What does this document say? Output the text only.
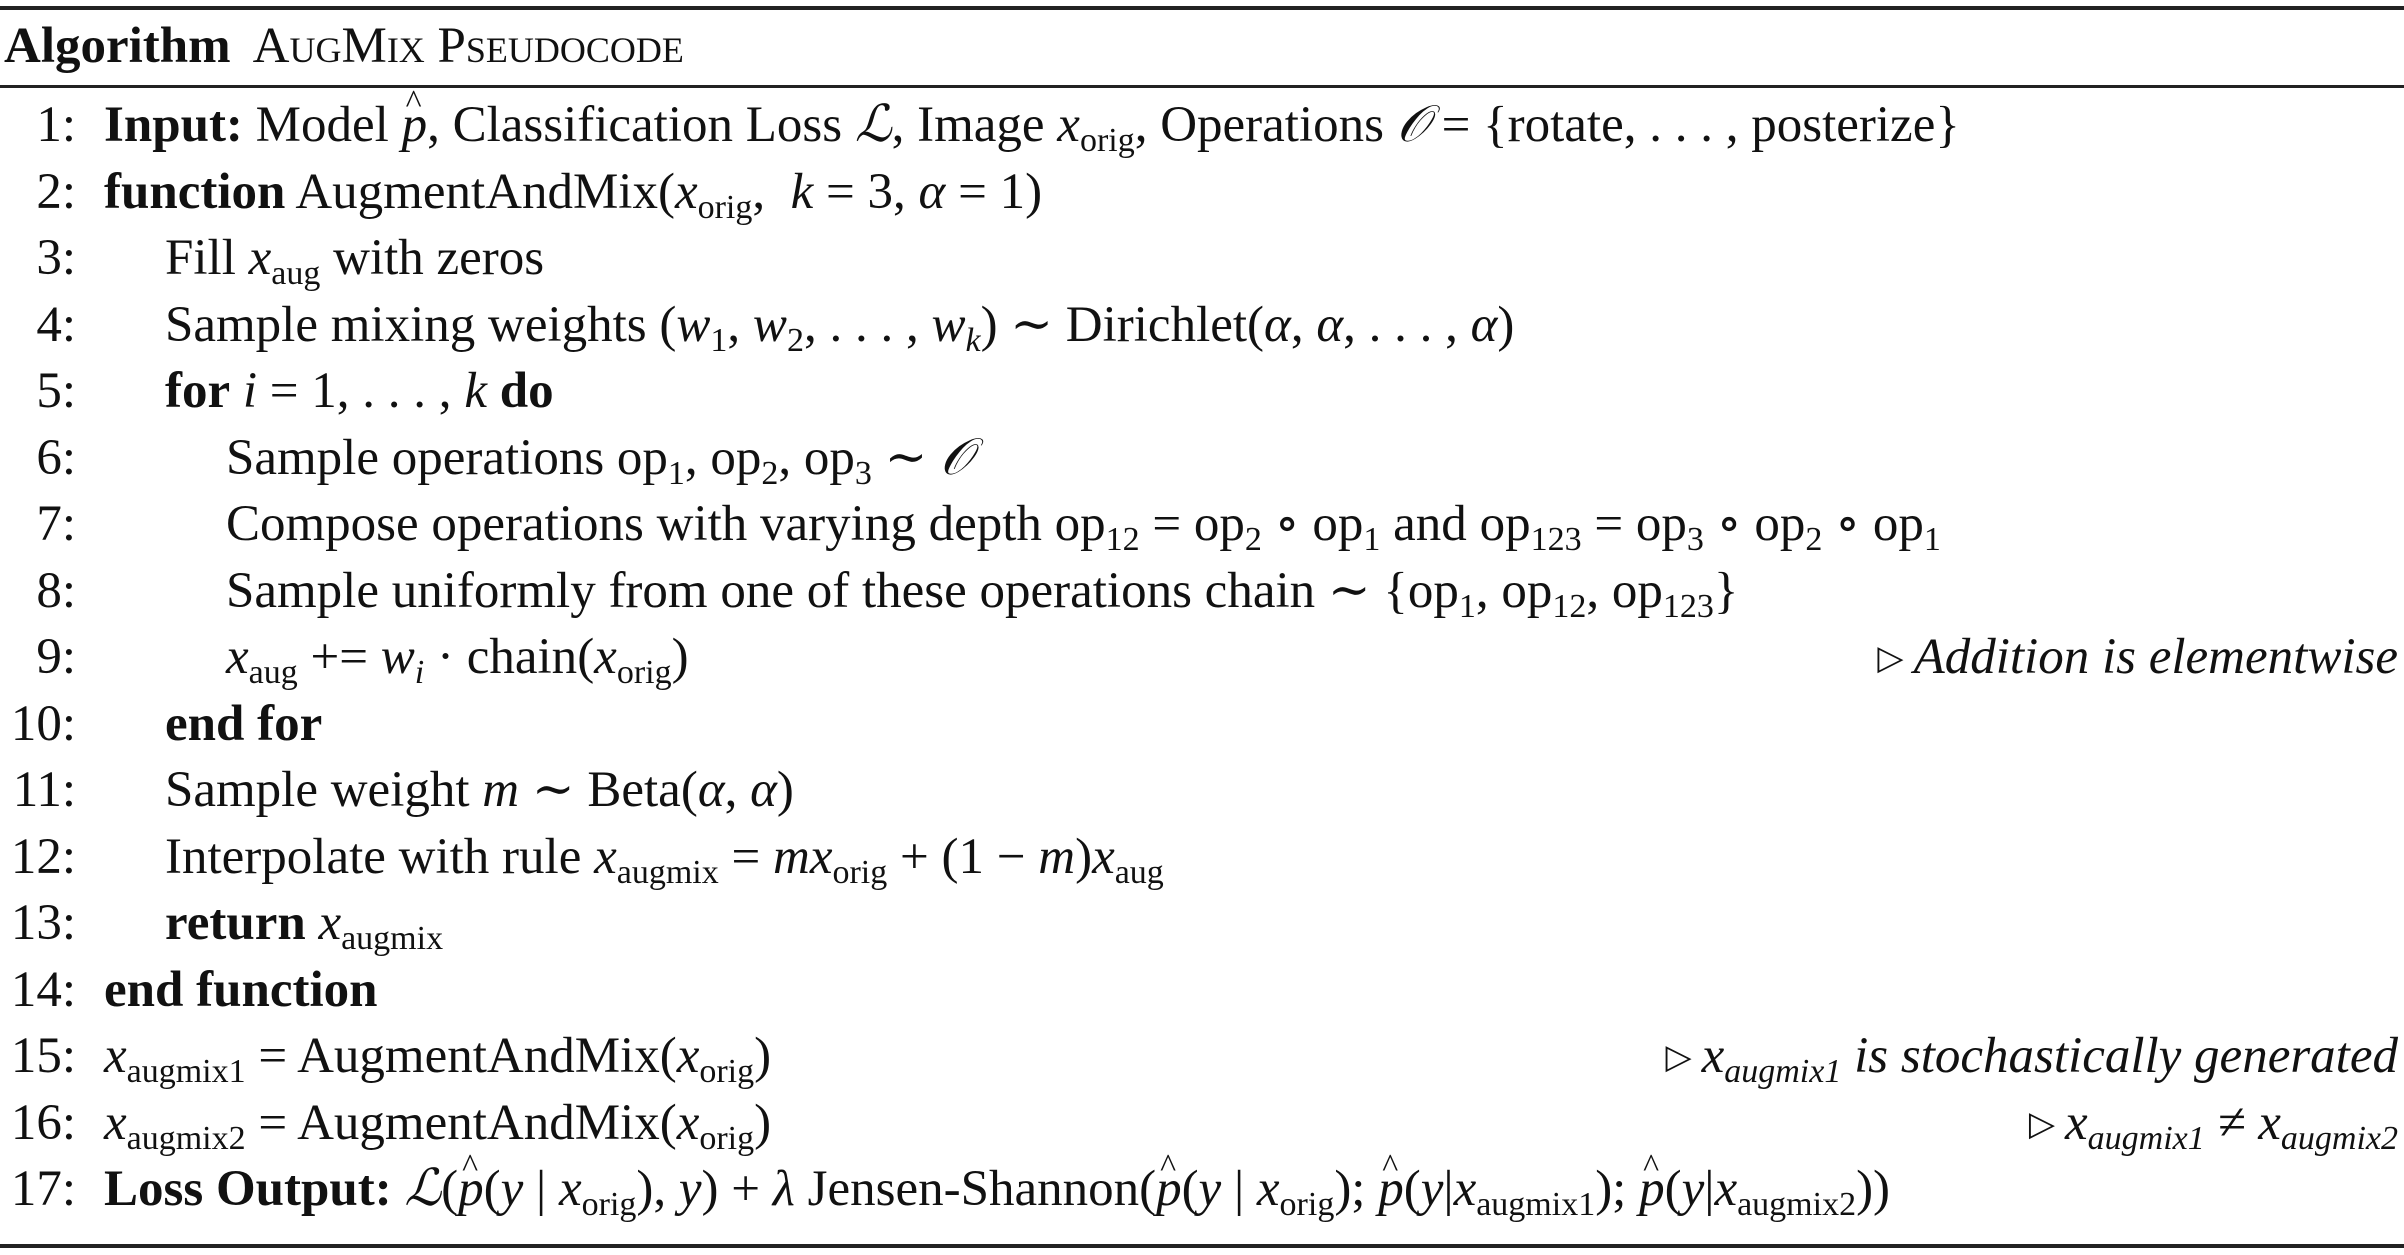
Algorithm AugMix Pseudocode
1: Input: Model ^ p, Classification Loss ℒ, Image $x_{orig}$, Operations 𝒪 = {rotate, . . . , posterize}
2: function $AugmentAndMix(x_{orig}$,  k = 3, α = 1)
3: Fill $x_{aug}$ with zeros
4: Sample mixing weights ($w_1$, $w_2$, . . . , $w_k$) ∼ Dirichlet(α, α, . . . , α)
5: for i = 1, . . . , k do
6:	Sample operations $op_1$, $op_2$, $op_3$ ∼ 𝒪
7:	Compose operations with varying depth $op_{12} = op_2$ ∘ $op_1$ and $op_{123} = op_3$ ∘ $op_2$ ∘ $op_1$
8:	Sample uniformly from one of these operations chain ∼ {$op_1$, $op_{12}$, $op_{123}$}
9:	$x_{aug} += w_i$ · $chain(x_{orig})$	▷ Addition is elementwise
10: end for
11: Sample weight m ∼ Beta(α, α)
12: Interpolate with rule $x_{augmix} = mx_{orig} + (1 - m)x_{aug}$
13: return $x_{augmix}$
14: end function
15: $x_{augmix1}$ = $AugmentAndMix(x_{orig})$	▷ $x_{augmix1}$ is stochastically generated
16: $x_{augmix2}$ = $AugmentAndMix(x_{orig})$	▷ $x_{augmix1} \ne x_{augmix2}$
17: Loss Output: ℒ(^ p(y | $x_{orig}$), y) + λ Jensen-Shannon(^ p(y | $x_{orig}$); ^ $p(y|x_{augmix1})$; ^ $p(y|x_{augmix2})$)
